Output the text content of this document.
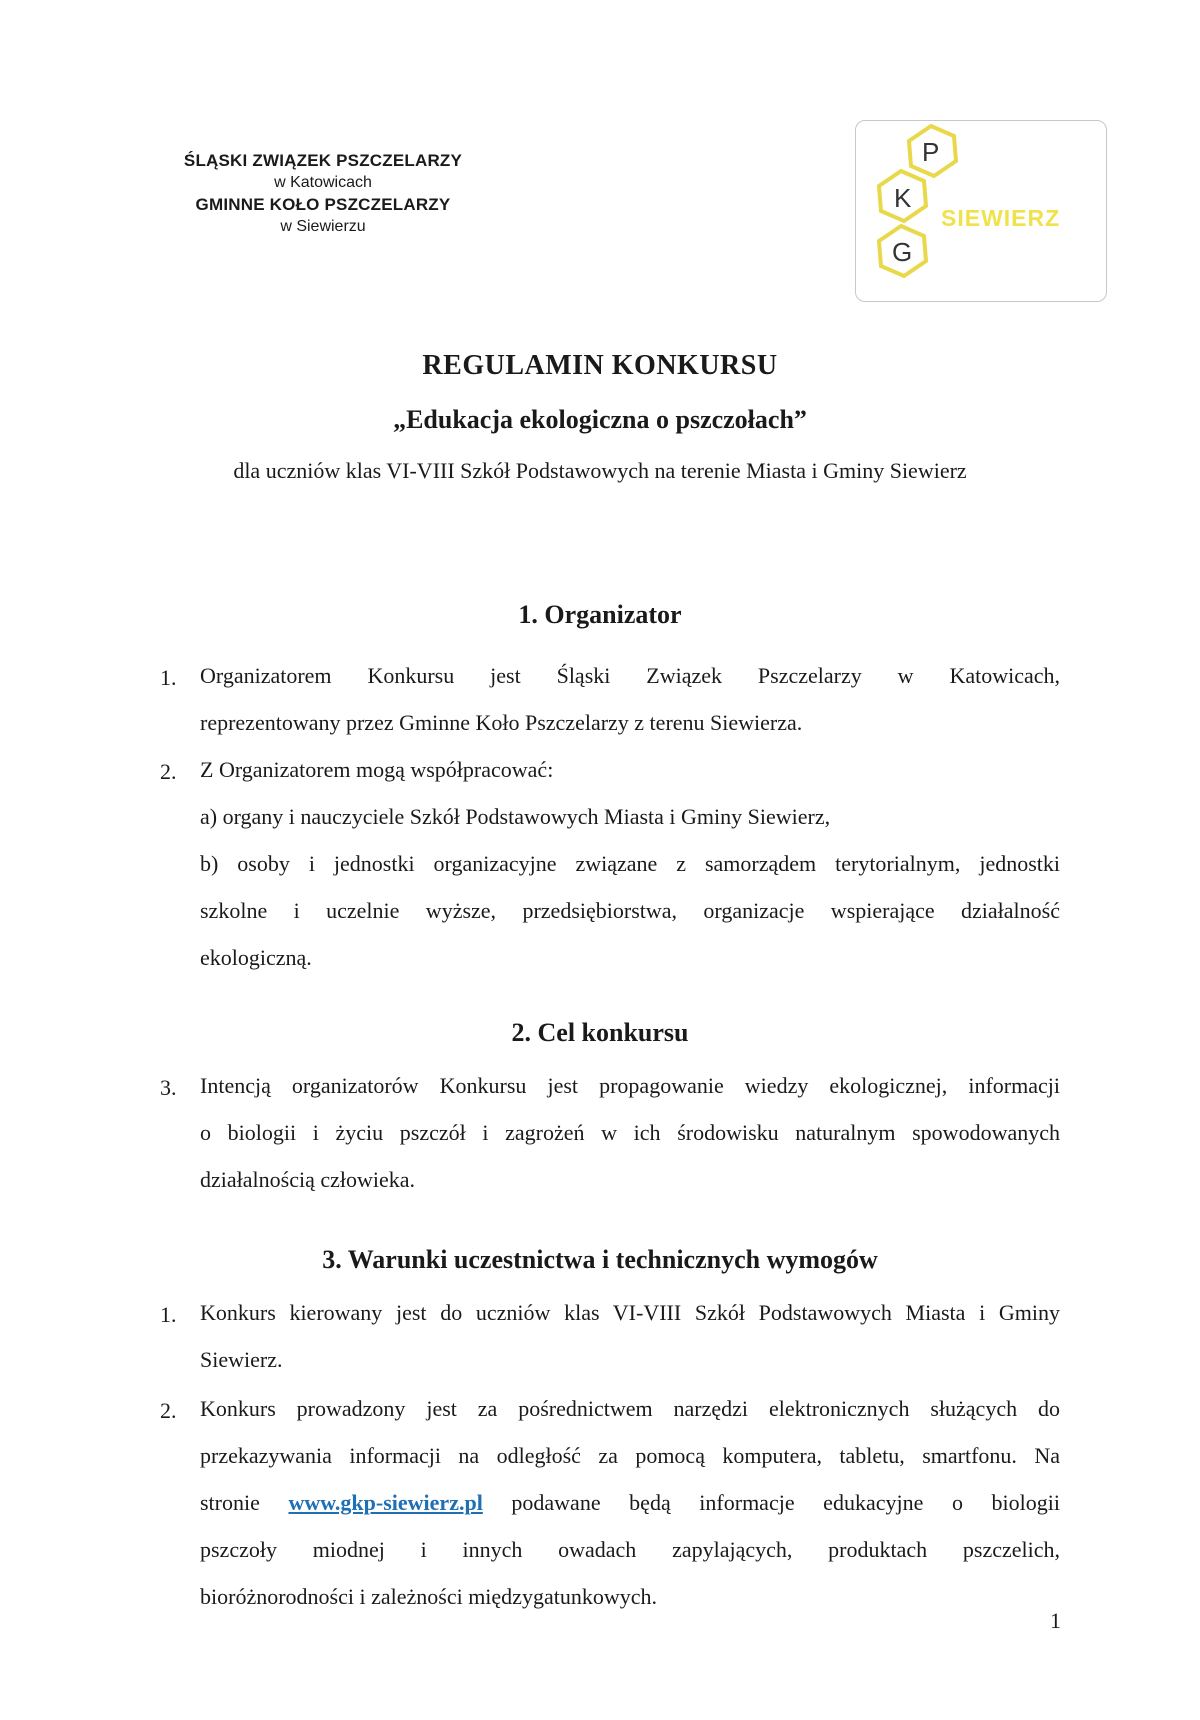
ŚLĄSKI ZWIĄZEK PSZCZELARZY
w Katowicach
GMINNE KOŁO PSZCZELARZY
w Siewierzu
P
K
G
SIEWIERZ
REGULAMIN KONKURSU
„Edukacja ekologiczna o pszczołach”
dla uczniów klas VI-VIII Szkół Podstawowych na terenie Miasta i Gminy Siewierz
1. Organizator
1. Organizatorem Konkursu jest Śląski Związek Pszczelarzy w Katowicach,
reprezentowany przez Gminne Koło Pszczelarzy z terenu Siewierza.
2. Z Organizatorem mogą współpracować:
a) organy i nauczyciele Szkół Podstawowych Miasta i Gminy Siewierz,
b) osoby i jednostki organizacyjne związane z samorządem terytorialnym, jednostki
szkolne i uczelnie wyższe, przedsiębiorstwa, organizacje wspierające działalność
ekologiczną.
2. Cel konkursu
3. Intencją organizatorów Konkursu jest propagowanie wiedzy ekologicznej, informacji
o biologii i życiu pszczół i zagrożeń w ich środowisku naturalnym spowodowanych
działalnością człowieka.
3. Warunki uczestnictwa i technicznych wymogów
1. Konkurs kierowany jest do uczniów klas VI-VIII Szkół Podstawowych Miasta i Gminy
Siewierz.
2. Konkurs prowadzony jest za pośrednictwem narzędzi elektronicznych służących do
przekazywania informacji na odległość za pomocą komputera, tabletu, smartfonu. Na
stronie www.gkp-siewierz.pl podawane będą informacje edukacyjne o biologii
pszczoły miodnej i innych owadach zapylających, produktach pszczelich,
bioróżnorodności i zależności międzygatunkowych.
1
